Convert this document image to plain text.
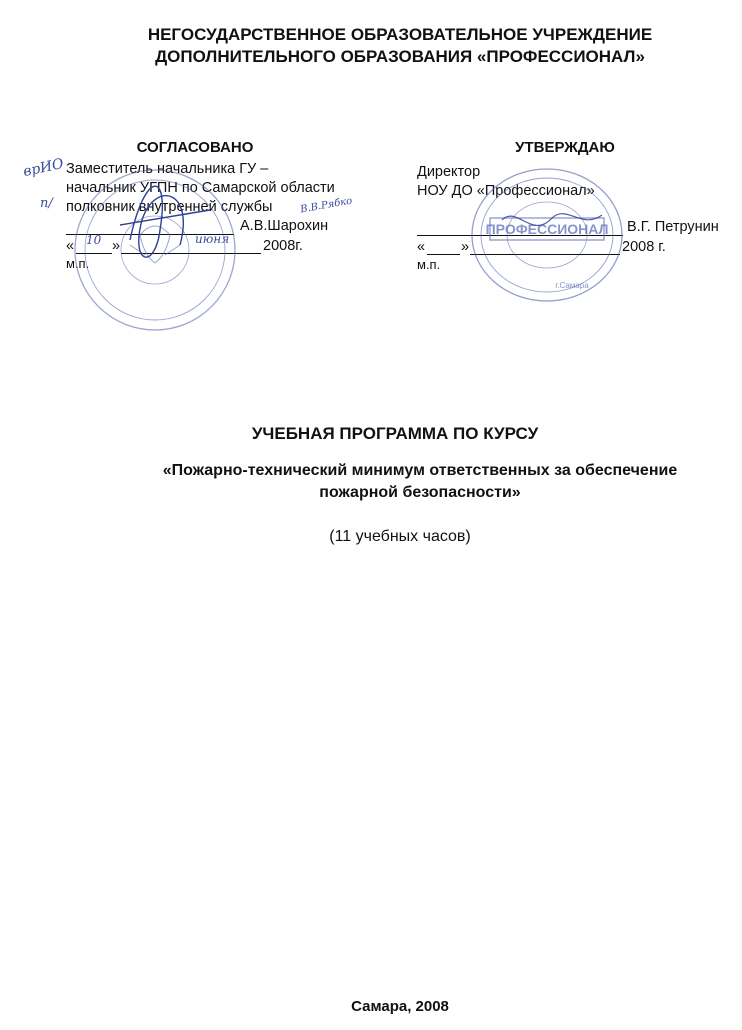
НЕГОСУДАРСТВЕННОЕ ОБРАЗОВАТЕЛЬНОЕ УЧРЕЖДЕНИЕ
ДОПОЛНИТЕЛЬНОГО ОБРАЗОВАНИЯ «ПРОФЕССИОНАЛ»
СОГЛАСОВАНО
Заместитель начальника ГУ –
начальник УГПН по Самарской области
полковник внутренней службы
А.В.Шарохин
«	»	2008г.
м.п.
врИО
п/	В.В.Рябко
10	июня
УТВЕРЖДАЮ
Директор
НОУ ДО «Профессионал»
В.Г. Петрунин
« »	2008 г.
м.п.
ПРОФЕССИОНАЛ
г.Самара
УЧЕБНАЯ ПРОГРАММА ПО КУРСУ
«Пожарно-технический минимум ответственных за обеспечение
пожарной безопасности»
(11 учебных часов)
Самара, 2008
